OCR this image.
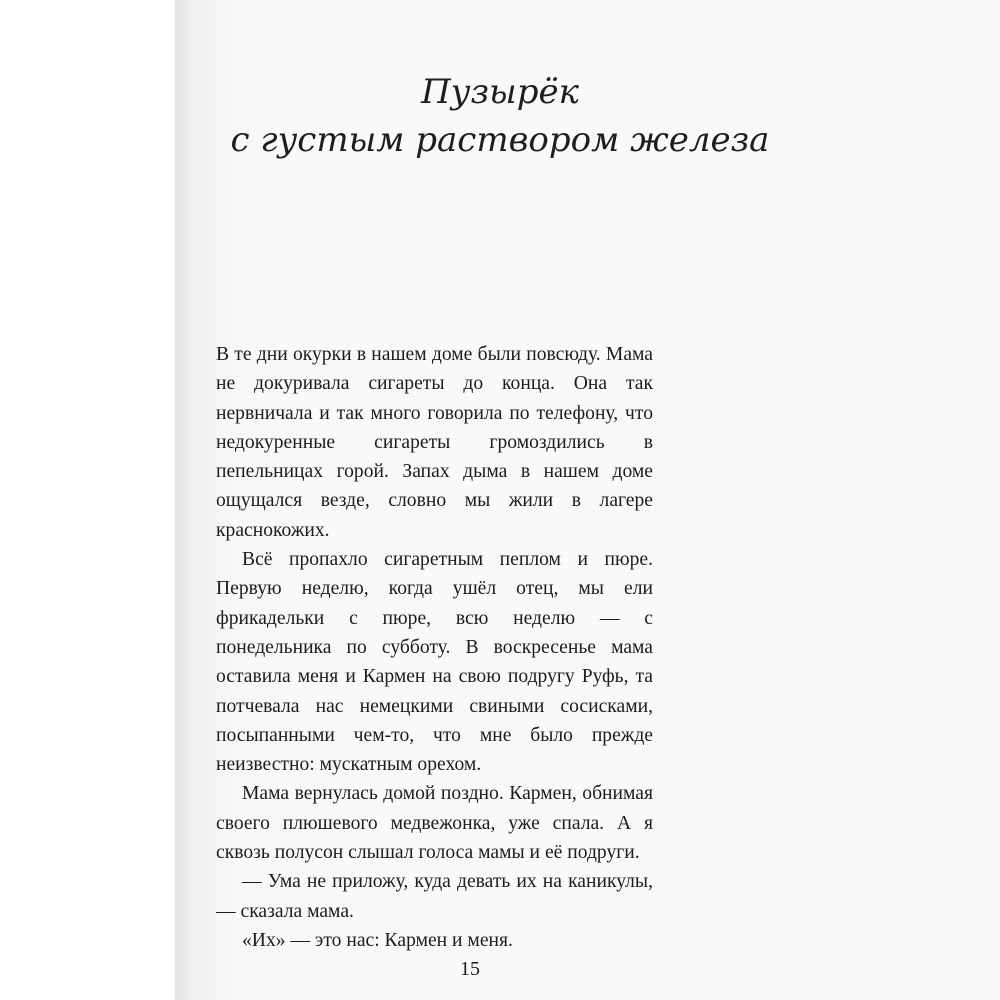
Пузырёк
с густым раствором железа

В те дни окурки в нашем доме были повсюду. Мама не докуривала сигареты до конца. Она так нервничала и так много говорила по телефону, что недокуренные сигареты громоздились в пепельницах горой. Запах дыма в нашем доме ощущался везде, словно мы жили в лагере краснокожих.

Всё пропахло сигаретным пеплом и пюре. Первую неделю, когда ушёл отец, мы ели фрикадельки с пюре, всю неделю — с понедельника по субботу. В воскресенье мама оставила меня и Кармен на свою подругу Руфь, та потчевала нас немецкими свиными сосисками, посыпанными чем-то, что мне было прежде неизвестно: мускатным орехом.

Мама вернулась домой поздно. Кармен, обнимая своего плюшевого медвежонка, уже спала. А я сквозь полусон слышал голоса мамы и её подруги.

— Ума не приложу, куда девать их на каникулы, — сказала мама.

«Их» — это нас: Кармен и меня.

15
